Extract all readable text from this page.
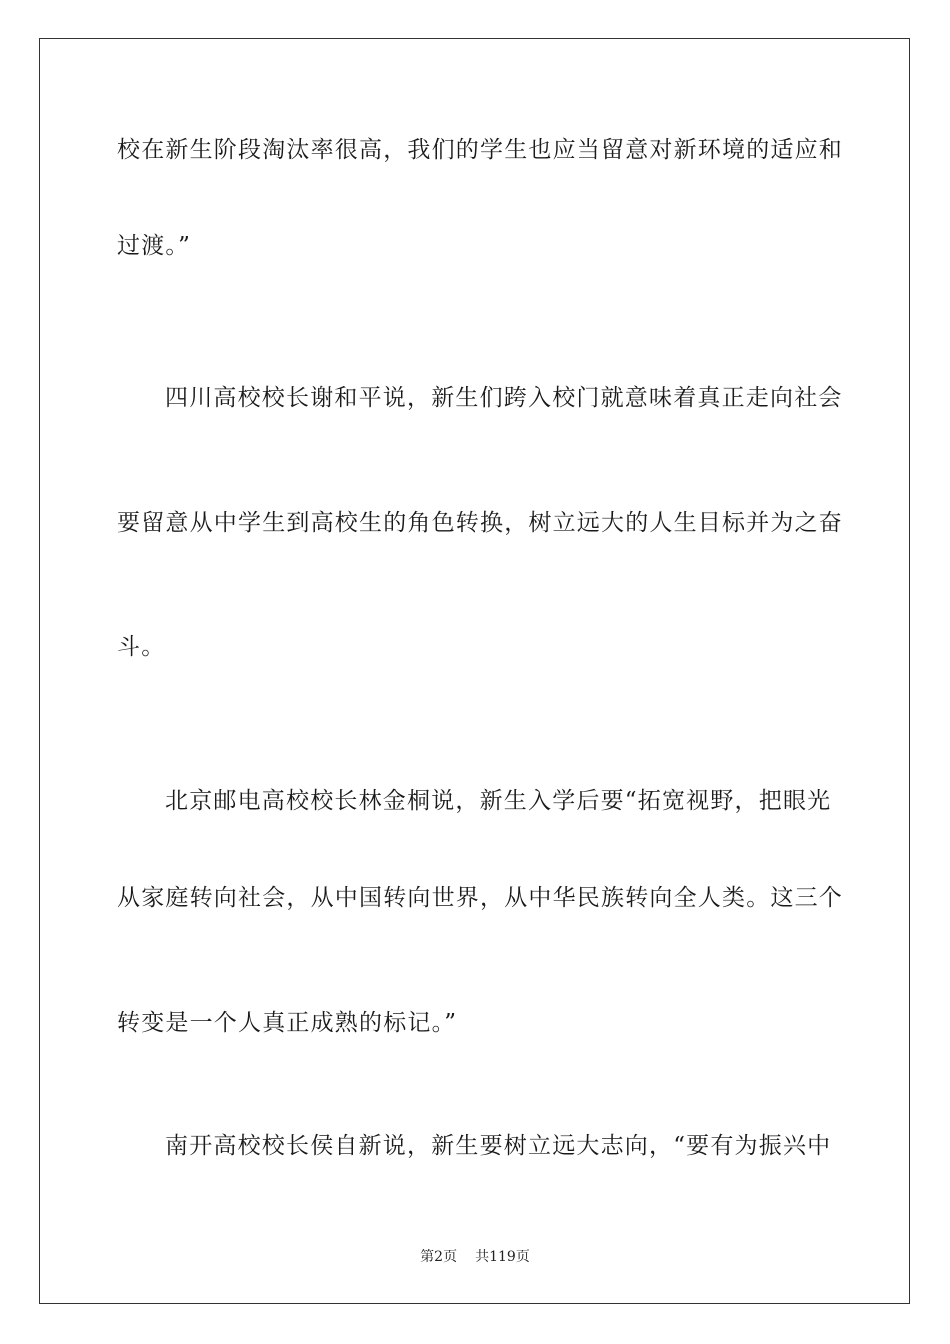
校在新生阶段淘汰率很高，我们的学生也应当留意对新环境的适应和
过渡。”
四川高校校长谢和平说，新生们跨入校门就意味着真正走向社会
要留意从中学生到高校生的角色转换，树立远大的人生目标并为之奋
斗。
北京邮电高校校长林金桐说，新生入学后要“拓宽视野，把眼光
从家庭转向社会，从中国转向世界，从中华民族转向全人类。这三个
转变是一个人真正成熟的标记。”
南开高校校长侯自新说，新生要树立远大志向，“要有为振兴中
第2页 共119页
